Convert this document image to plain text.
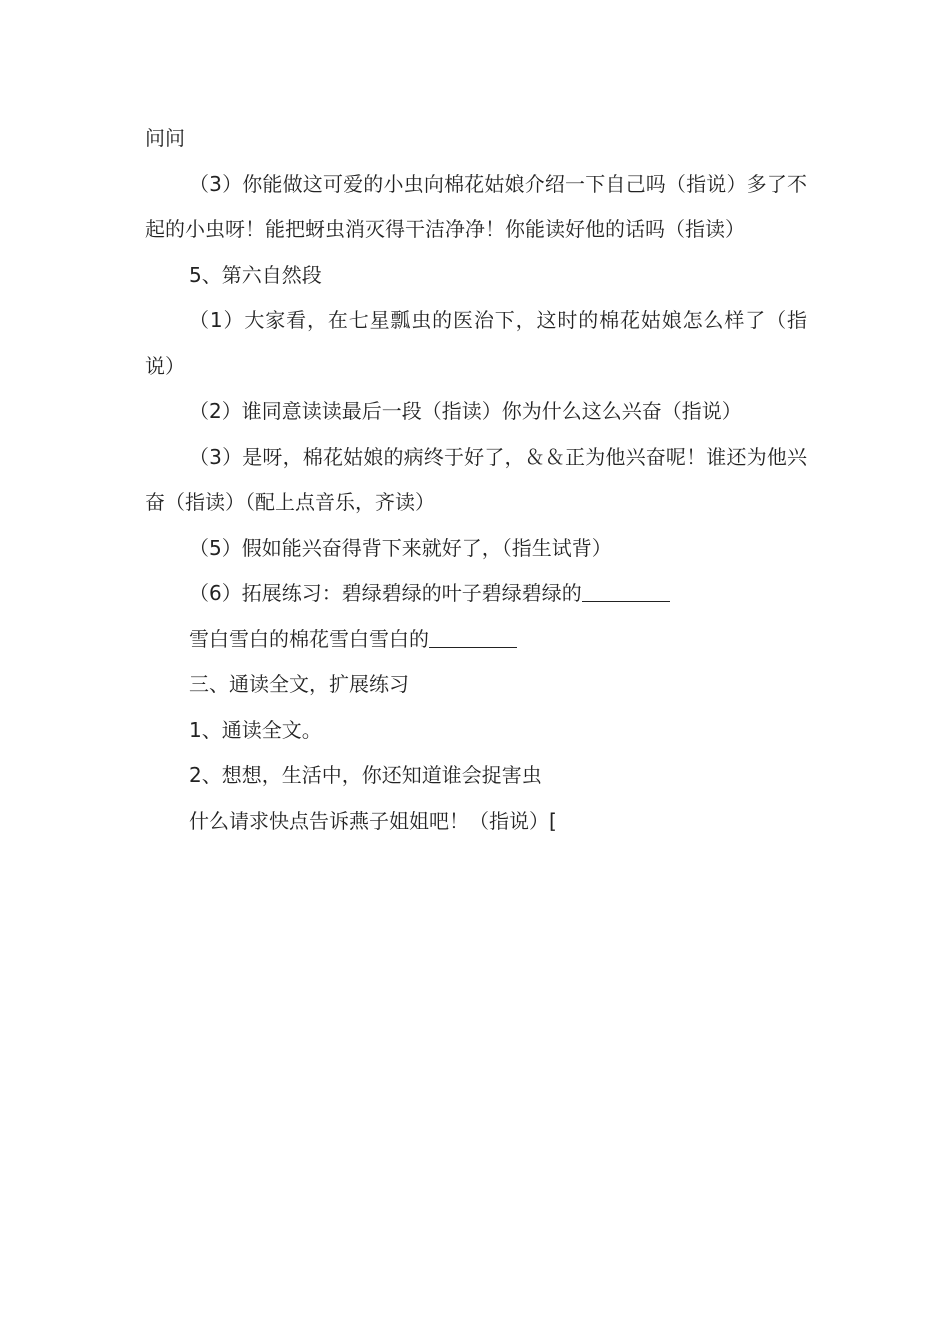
问问

（3）你能做这可爱的小虫向棉花姑娘介绍一下自己吗（指说）多了不起的小虫呀！能把蚜虫消灭得干洁净净！你能读好他的话吗（指读）

5、第六自然段

（1）大家看，在七星瓢虫的医治下，这时的棉花姑娘怎么样了（指说）

（2）谁同意读读最后一段（指读）你为什么这么兴奋（指说）

（3）是呀，棉花姑娘的病终于好了，＆＆正为他兴奋呢！谁还为他兴奋（指读）（配上点音乐，齐读）

（5）假如能兴奋得背下来就好了，（指生试背）

（6）拓展练习：碧绿碧绿的叶子碧绿碧绿的

雪白雪白的棉花雪白雪白的

三、通读全文，扩展练习

1、通读全文。

2、想想，生活中，你还知道谁会捉害虫

什么请求快点告诉燕子姐姐吧！（指说）[
